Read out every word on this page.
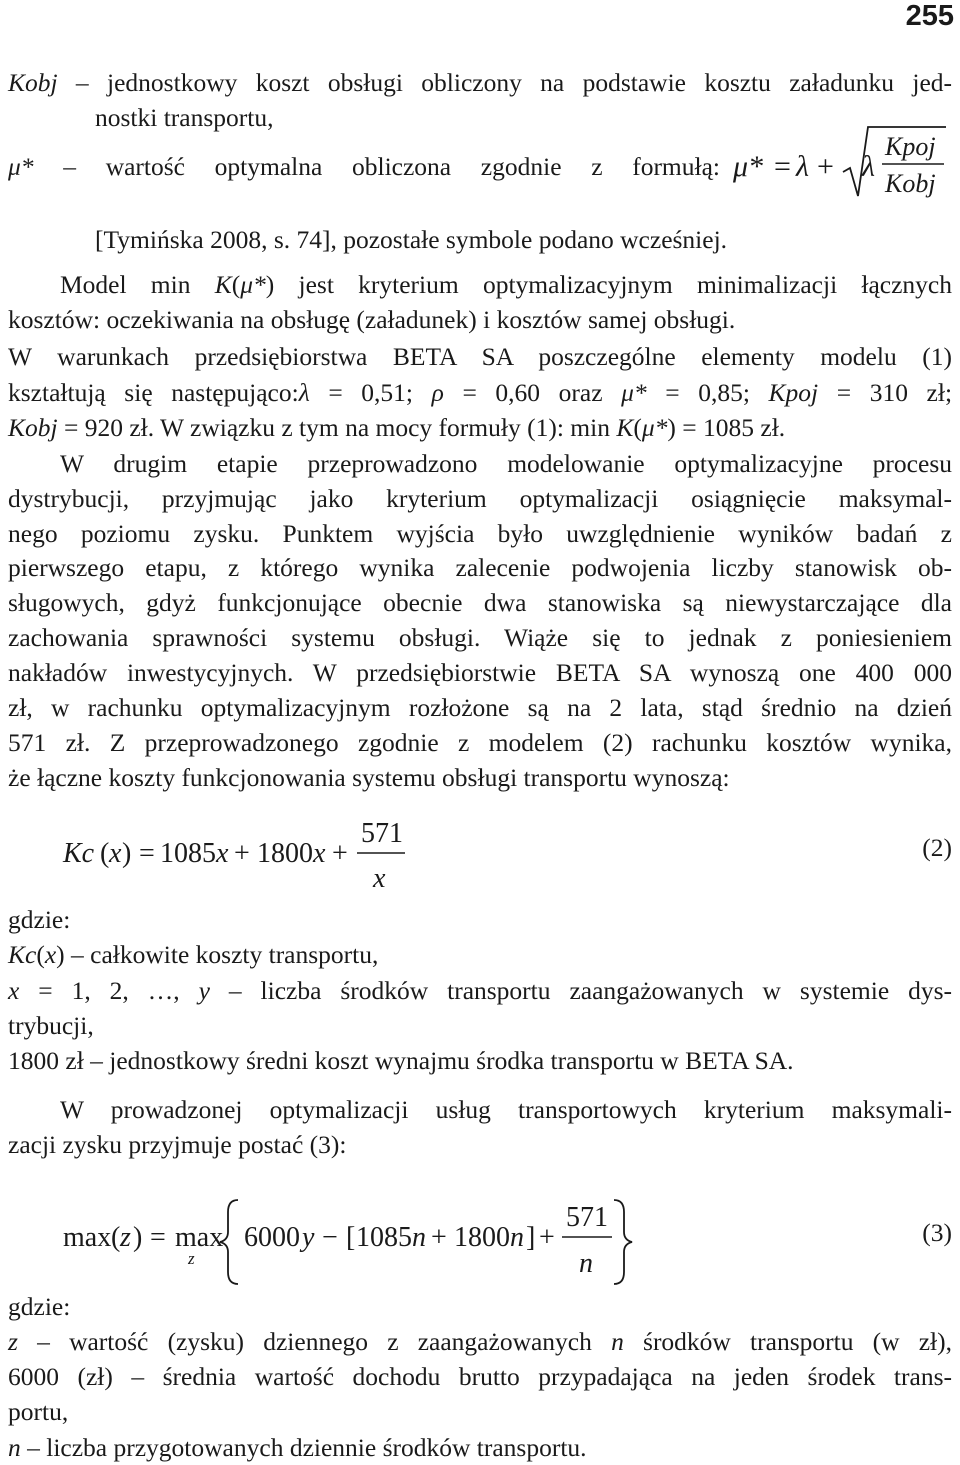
255
Kobj – jednostkowy koszt obsługi obliczony na podstawie kosztu załadunku jed-
nostki transportu,
μ* – wartość optymalna obliczona zgodnie z formułą:
[Tymińska 2008, s. 74], pozostałe symbole podano wcześniej.
Model min K(μ*) jest kryterium optymalizacyjnym minimalizacji łącznych
kosztów: oczekiwania na obsługę (załadunek) i kosztów samej obsługi.
W warunkach przedsiębiorstwa BETA SA poszczególne elementy modelu (1)
kształtują się następująco:λ = 0,51; ρ = 0,60 oraz μ* = 0,85; Kpoj = 310 zł;
Kobj = 920 zł. W związku z tym na mocy formuły (1): min K(μ*) = 1085 zł.
W drugim etapie przeprowadzono modelowanie optymalizacyjne procesu
dystrybucji, przyjmując jako kryterium optymalizacji osiągnięcie maksymal-
nego poziomu zysku. Punktem wyjścia było uwzględnienie wyników badań z
pierwszego etapu, z którego wynika zalecenie podwojenia liczby stanowisk ob-
sługowych, gdyż funkcjonujące obecnie dwa stanowiska są niewystarczające dla
zachowania sprawności systemu obsługi. Wiąże się to jednak z poniesieniem
nakładów inwestycyjnych. W przedsiębiorstwie BETA SA wynoszą one 400 000
zł, w rachunku optymalizacyjnym rozłożone są na 2 lata, stąd średnio na dzień
571 zł. Z przeprowadzonego zgodnie z modelem (2) rachunku kosztów wynika,
że łączne koszty funkcjonowania systemu obsługi transportu wynoszą:
(2)
gdzie:
Kc(x) – całkowite koszty transportu,
x = 1, 2, …, y – liczba środków transportu zaangażowanych w systemie dys-
trybucji,
1800 zł – jednostkowy średni koszt wynajmu środka transportu w BETA SA.
W prowadzonej optymalizacji usług transportowych kryterium maksymali-
zacji zysku przyjmuje postać (3):
(3)
gdzie:
z – wartość (zysku) dziennego z zaangażowanych n środków transportu (w zł),
6000 (zł) – średnia wartość dochodu brutto przypadająca na jeden środek trans-
portu,
n – liczba przygotowanych dziennie środków transportu.
μ* = λ + λ
Kpoj
Kobj
Kc ( x ) = 1085 x + 1800 x +
571
x
max ( z ) = max
z
6000 y − [ 1085 n + 1800 n ] +
571
n
